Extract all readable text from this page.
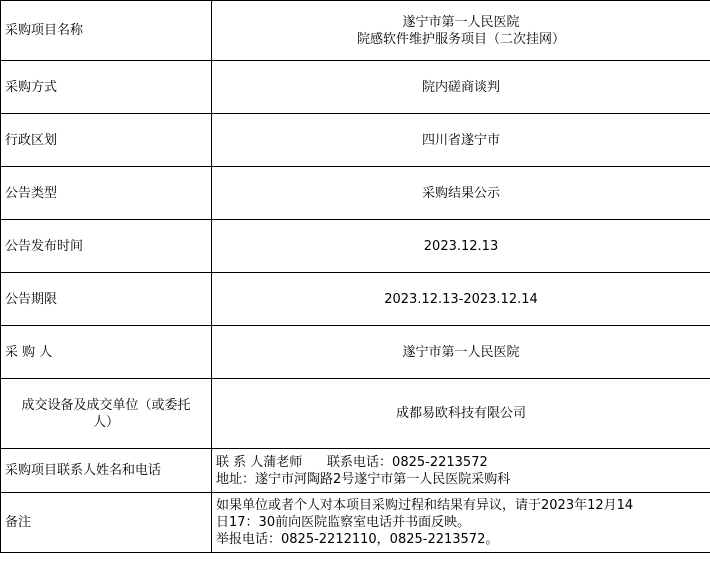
采购项目名称	遂宁市第一人民医院
院感软件维护服务项目（二次挂网）

采购方式	院内磋商谈判
行政区划	四川省遂宁市
公告类型	采购结果公示
公告发布时间	2023.12.13
公告期限	2023.12.13-2023.12.14
采 购 人	遂宁市第一人民医院

成交设备及成交单位（或委托
人）	成都易欧科技有限公司
采购项目联系人姓名和电话	联 系 人蒲老师      联系电话：0825-2213572
地址：遂宁市河陶路2号遂宁市第一人民医院采购科

备注	如果单位或者个人对本项目采购过程和结果有异议，请于2023年12月14
日17：30前向医院监察室电话并书面反映。
举报电话：0825-2212110，0825-2213572。
